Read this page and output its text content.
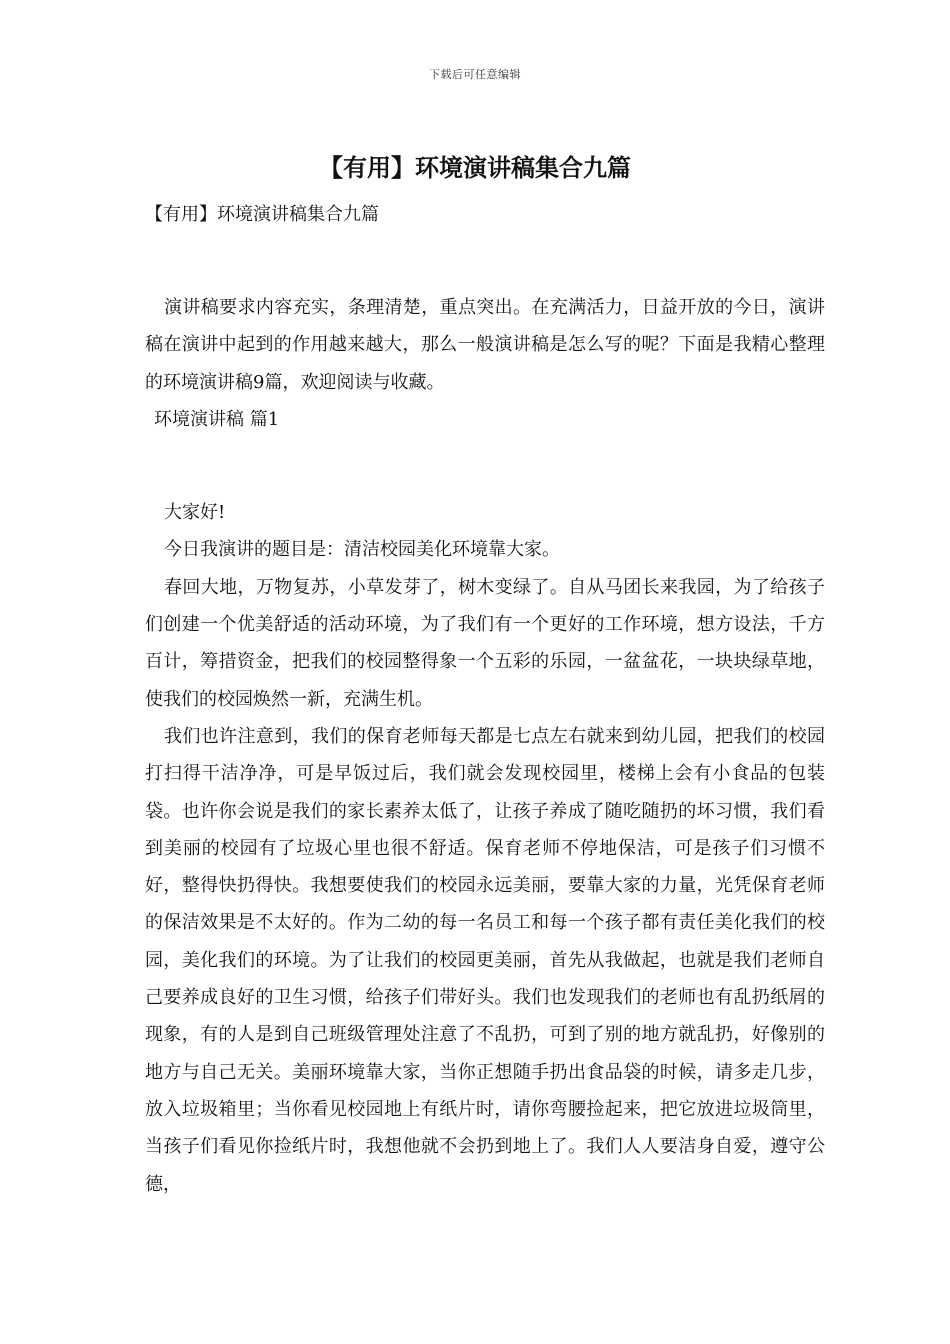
下载后可任意编辑
【有用】环境演讲稿集合九篇

【有用】环境演讲稿集合九篇

演讲稿要求内容充实，条理清楚，重点突出。在充满活力，日益开放的今日，演讲稿在演讲中起到的作用越来越大，那么一般演讲稿是怎么写的呢？下面是我精心整理的环境演讲稿9篇，欢迎阅读与收藏。

环境演讲稿 篇1

大家好!

今日我演讲的题目是：清洁校园美化环境靠大家。

春回大地，万物复苏，小草发芽了，树木变绿了。自从马团长来我园，为了给孩子们创建一个优美舒适的活动环境，为了我们有一个更好的工作环境，想方设法，千方百计，筹措资金，把我们的校园整得象一个五彩的乐园，一盆盆花，一块块绿草地，使我们的校园焕然一新，充满生机。

我们也许注意到，我们的保育老师每天都是七点左右就来到幼儿园，把我们的校园打扫得干洁净净，可是早饭过后，我们就会发现校园里，楼梯上会有小食品的包装袋。也许你会说是我们的家长素养太低了，让孩子养成了随吃随扔的坏习惯，我们看到美丽的校园有了垃圾心里也很不舒适。保育老师不停地保洁，可是孩子们习惯不好，整得快扔得快。我想要使我们的校园永远美丽，要靠大家的力量，光凭保育老师的保洁效果是不太好的。作为二幼的每一名员工和每一个孩子都有责任美化我们的校园，美化我们的环境。为了让我们的校园更美丽，首先从我做起，也就是我们老师自己要养成良好的卫生习惯，给孩子们带好头。我们也发现我们的老师也有乱扔纸屑的现象，有的人是到自己班级管理处注意了不乱扔，可到了别的地方就乱扔，好像别的地方与自己无关。美丽环境靠大家，当你正想随手扔出食品袋的时候，请多走几步，放入垃圾箱里；当你看见校园地上有纸片时，请你弯腰捡起来，把它放进垃圾筒里，当孩子们看见你捡纸片时，我想他就不会扔到地上了。我们人人要洁身自爱，遵守公德，
